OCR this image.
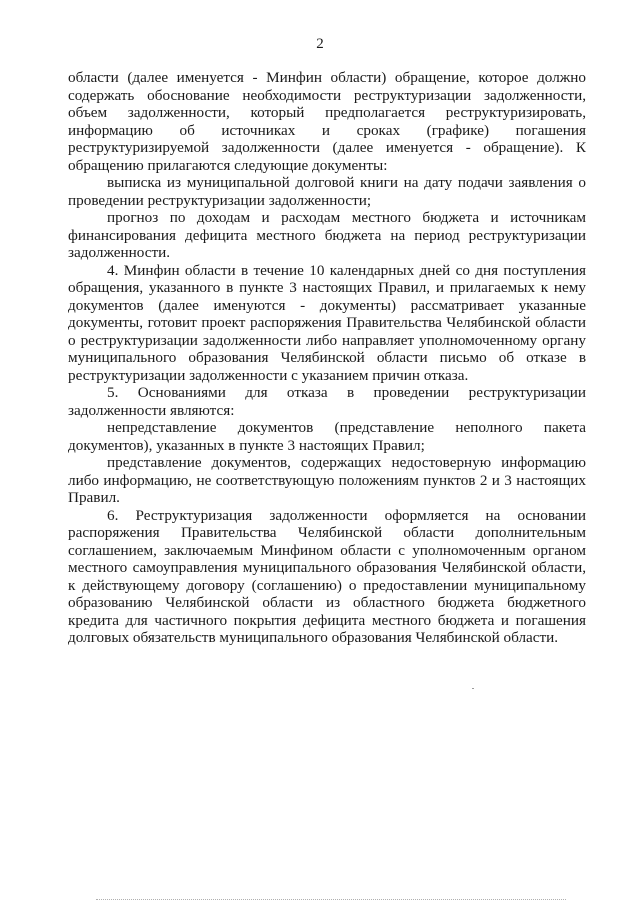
2

области (далее именуется - Минфин области) обращение, которое должно содержать обоснование необходимости реструктуризации задолженности, объем задолженности, который предполагается реструктуризировать, информацию об источниках и сроках (графике) погашения реструктуризируемой задолженности (далее именуется - обращение). К обращению прилагаются следующие документы:

выписка из муниципальной долговой книги на дату подачи заявления о проведении реструктуризации задолженности;

прогноз по доходам и расходам местного бюджета и источникам финансирования дефицита местного бюджета на период реструктуризации задолженности.

4. Минфин области в течение 10 календарных дней со дня поступления обращения, указанного в пункте 3 настоящих Правил, и прилагаемых к нему документов (далее именуются - документы) рассматривает указанные документы, готовит проект распоряжения Правительства Челябинской области о реструктуризации задолженности либо направляет уполномоченному органу муниципального образования Челябинской области письмо об отказе в реструктуризации задолженности с указанием причин отказа.

5. Основаниями для отказа в проведении реструктуризации задолженности являются:

непредставление документов (представление неполного пакета документов), указанных в пункте 3 настоящих Правил;

представление документов, содержащих недостоверную информацию либо информацию, не соответствующую положениям пунктов 2 и 3 настоящих Правил.

6. Реструктуризация задолженности оформляется на основании распоряжения Правительства Челябинской области дополнительным соглашением, заключаемым Минфином области с уполномоченным органом местного самоуправления муниципального образования Челябинской области, к действующему договору (соглашению) о предоставлении муниципальному образованию Челябинской области из областного бюджета бюджетного кредита для частичного покрытия дефицита местного бюджета и погашения долговых обязательств муниципального образования Челябинской области.
